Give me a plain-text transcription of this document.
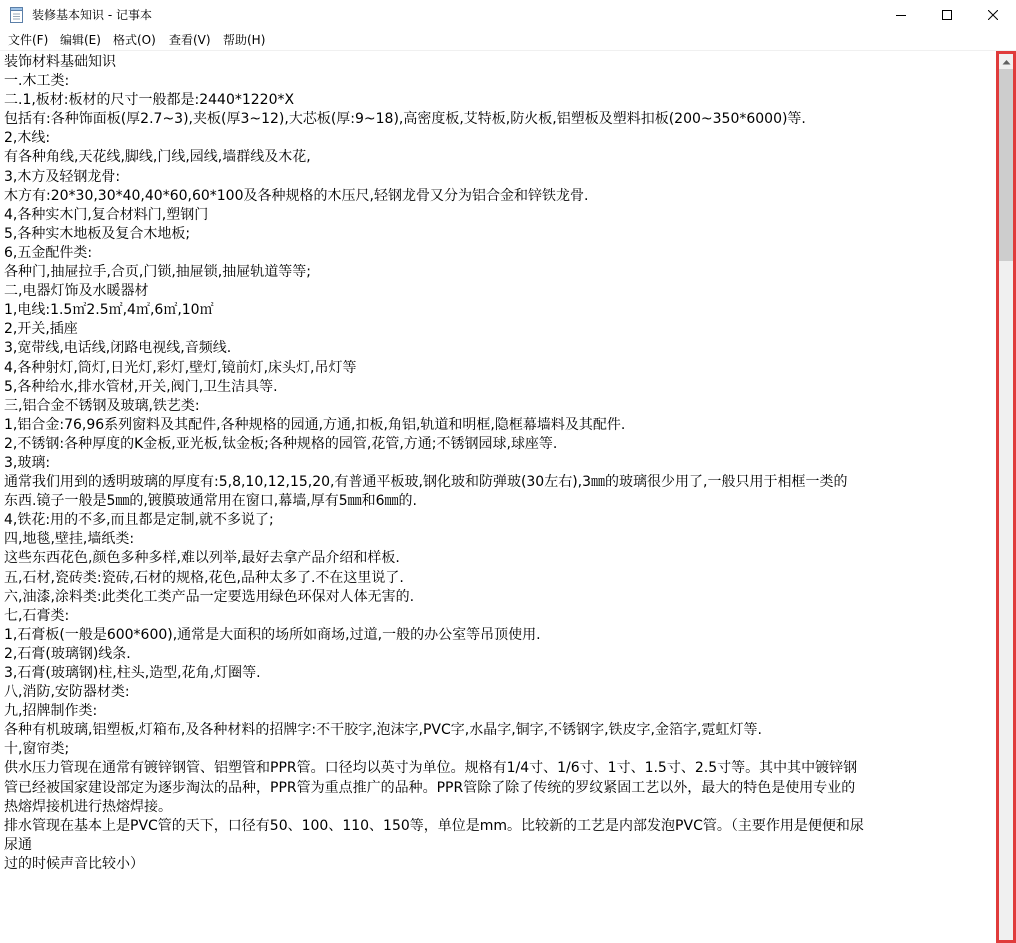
装修基本知识 - 记事本
文件(F) 编辑(E) 格式(O) 查看(V) 帮助(H)
装饰材料基础知识
一.木工类:
二.1,板材:板材的尺寸一般都是:2440*1220*X
包括有:各种饰面板(厚2.7~3),夹板(厚3~12),大芯板(厚:9~18),高密度板,艾特板,防火板,铝塑板及塑料扣板(200~350*6000)等.
2,木线:
有各种角线,天花线,脚线,门线,园线,墙群线及木花,
3,木方及轻钢龙骨:
木方有:20*30,30*40,40*60,60*100及各种规格的木压尺,轻钢龙骨又分为铝合金和锌铁龙骨.
4,各种实木门,复合材料门,塑钢门
5,各种实木地板及复合木地板;
6,五金配件类:
各种门,抽屉拉手,合页,门锁,抽屉锁,抽屉轨道等等;
二,电器灯饰及水暖器材
1,电线:1.5㎡2.5㎡,4㎡,6㎡,10㎡
2,开关,插座
3,宽带线,电话线,闭路电视线,音频线.
4,各种射灯,筒灯,日光灯,彩灯,壁灯,镜前灯,床头灯,吊灯等
5,各种给水,排水管材,开关,阀门,卫生洁具等.
三,铝合金不锈钢及玻璃,铁艺类:
1,铝合金:76,96系列窗料及其配件,各种规格的园通,方通,扣板,角铝,轨道和明框,隐框幕墙料及其配件.
2,不锈钢:各种厚度的K金板,亚光板,钛金板;各种规格的园管,花管,方通;不锈钢园球,球座等.
3,玻璃:
通常我们用到的透明玻璃的厚度有:5,8,10,12,15,20,有普通平板玻,钢化玻和防弹玻(30左右),3㎜的玻璃很少用了,一般只用于相框一类的
东西.镜子一般是5㎜的,镀膜玻通常用在窗口,幕墙,厚有5㎜和6㎜的.
4,铁花:用的不多,而且都是定制,就不多说了;
四,地毯,壁挂,墙纸类:
这些东西花色,颜色多种多样,难以列举,最好去拿产品介绍和样板.
五,石材,瓷砖类:瓷砖,石材的规格,花色,品种太多了.不在这里说了.
六,油漆,涂料类:此类化工类产品一定要选用绿色环保对人体无害的.
七,石膏类:
1,石膏板(一般是600*600),通常是大面积的场所如商场,过道,一般的办公室等吊顶使用.
2,石膏(玻璃钢)线条.
3,石膏(玻璃钢)柱,柱头,造型,花角,灯圈等.
八,消防,安防器材类:
九,招牌制作类:
各种有机玻璃,铝塑板,灯箱布,及各种材料的招牌字:不干胶字,泡沫字,PVC字,水晶字,铜字,不锈钢字,铁皮字,金箔字,霓虹灯等.
十,窗帘类;
供水压力管现在通常有镀锌钢管、铝塑管和PPR管。口径均以英寸为单位。规格有1/4寸、1/6寸、1寸、1.5寸、2.5寸等。其中其中镀锌钢
管已经被国家建设部定为逐步淘汰的品种，PPR管为重点推广的品种。PPR管除了除了传统的罗纹紧固工艺以外，最大的特色是使用专业的
热熔焊接机进行热熔焊接。
排水管现在基本上是PVC管的天下，口径有50、100、110、150等，单位是mm。比较新的工艺是内部发泡PVC管。（主要作用是便便和尿
尿通
过的时候声音比较小）
